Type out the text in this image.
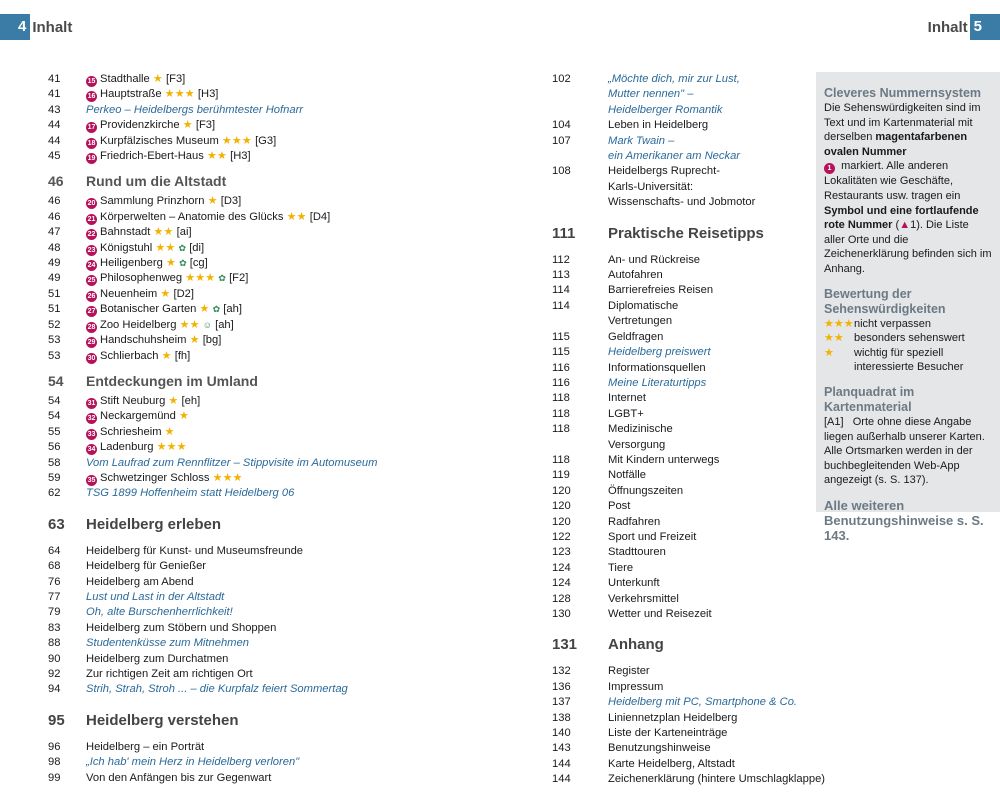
4 Inhalt	Inhalt 5
41	15 Stadthalle ★ [F3]
41	16 Hauptstraße ★★★ [H3]
43	Perkeo – Heidelbergs berühmtester Hofnarr
44	17 Providenzkirche ★ [F3]
44	18 Kurpfälzisches Museum ★★★ [G3]
45	19 Friedrich-Ebert-Haus ★★ [H3]
46	Rund um die Altstadt
46	20 Sammlung Prinzhorn ★ [D3]
46	21 Körperwelten – Anatomie des Glücks ★★ [D4]
47	22 Bahnstadt ★★ [ai]
48	23 Königstuhl ★★ ✿ [di]
49	24 Heiligenberg ★ ✿ [cg]
49	25 Philosophenweg ★★★ ✿ [F2]
51	26 Neuenheim ★ [D2]
51	27 Botanischer Garten ★ ✿ [ah]
52	28 Zoo Heidelberg ★★ ☺ [ah]
53	29 Handschuhsheim ★ [bg]
53	30 Schlierbach ★ [fh]
54	Entdeckungen im Umland
54	31 Stift Neuburg ★ [eh]
54	32 Neckargemünd ★
55	33 Schriesheim ★
56	34 Ladenburg ★★★
58	Vom Laufrad zum Rennflitzer – Stippvisite im Automuseum
59	35 Schwetzinger Schloss ★★★
62	TSG 1899 Hoffenheim statt Heidelberg 06
63	Heidelberg erleben
64	Heidelberg für Kunst- und Museumsfreunde
68	Heidelberg für Genießer
76	Heidelberg am Abend
77	Lust und Last in der Altstadt
79	Oh, alte Burschenherrlichkeit!
83	Heidelberg zum Stöbern und Shoppen
88	Studentenküsse zum Mitnehmen
90	Heidelberg zum Durchatmen
92	Zur richtigen Zeit am richtigen Ort
94	Strih, Strah, Stroh ... – die Kurpfalz feiert Sommertag
95	Heidelberg verstehen
96	Heidelberg – ein Porträt
98	„Ich hab' mein Herz in Heidelberg verloren"
99	Von den Anfängen bis zur Gegenwart
102	„Möchte dich, mir zur Lust,
Mutter nennen" –
Heidelberger Romantik
104	Leben in Heidelberg
107	Mark Twain –
ein Amerikaner am Neckar
108	Heidelbergs Ruprecht-
Karls-Universität:
Wissenschafts- und Jobmotor
111	Praktische Reisetipps
112	An- und Rückreise
113	Autofahren
114	Barrierefreies Reisen
114	Diplomatische
Vertretungen
115	Geldfragen
115	Heidelberg preiswert
116	Informationsquellen
116	Meine Literaturtipps
118	Internet
118	LGBT+
118	Medizinische
Versorgung
118	Mit Kindern unterwegs
119	Notfälle
120	Öffnungszeiten
120	Post
120	Radfahren
122	Sport und Freizeit
123	Stadttouren
124	Tiere
124	Unterkunft
128	Verkehrsmittel
130	Wetter und Reisezeit
131	Anhang
132	Register
136	Impressum
137	Heidelberg mit PC, Smartphone & Co.
138	Liniennetzplan Heidelberg
140	Liste der Karteneinträge
143	Benutzungshinweise
144	Karte Heidelberg, Altstadt
144	Zeichenerklärung (hintere Umschlagklappe)
Cleveres Nummernsystem

Die Sehenswürdigkeiten sind im Text und im Kartenmaterial mit derselben magentafarbenen ovalen Nummer
1 markiert. Alle anderen Lokalitäten wie Geschäfte, Restaurants usw. tragen ein Symbol und eine fortlaufende rote Nummer (▲1). Die Liste aller Orte und die Zeichenerklärung befinden sich im Anhang.

Bewertung der Sehenswürdigkeiten
★★★ nicht verpassen
★★ besonders sehenswert
★	wichtig für speziell interessierte Besucher
Planquadrat im Kartenmaterial

[A1] Orte ohne diese Angabe liegen außerhalb unserer Karten. Alle Ortsmarken werden in der buchbegleitenden Web-App angezeigt (s. S. 137).

Alle weiteren Benutzungshinweise s. S. 143.
